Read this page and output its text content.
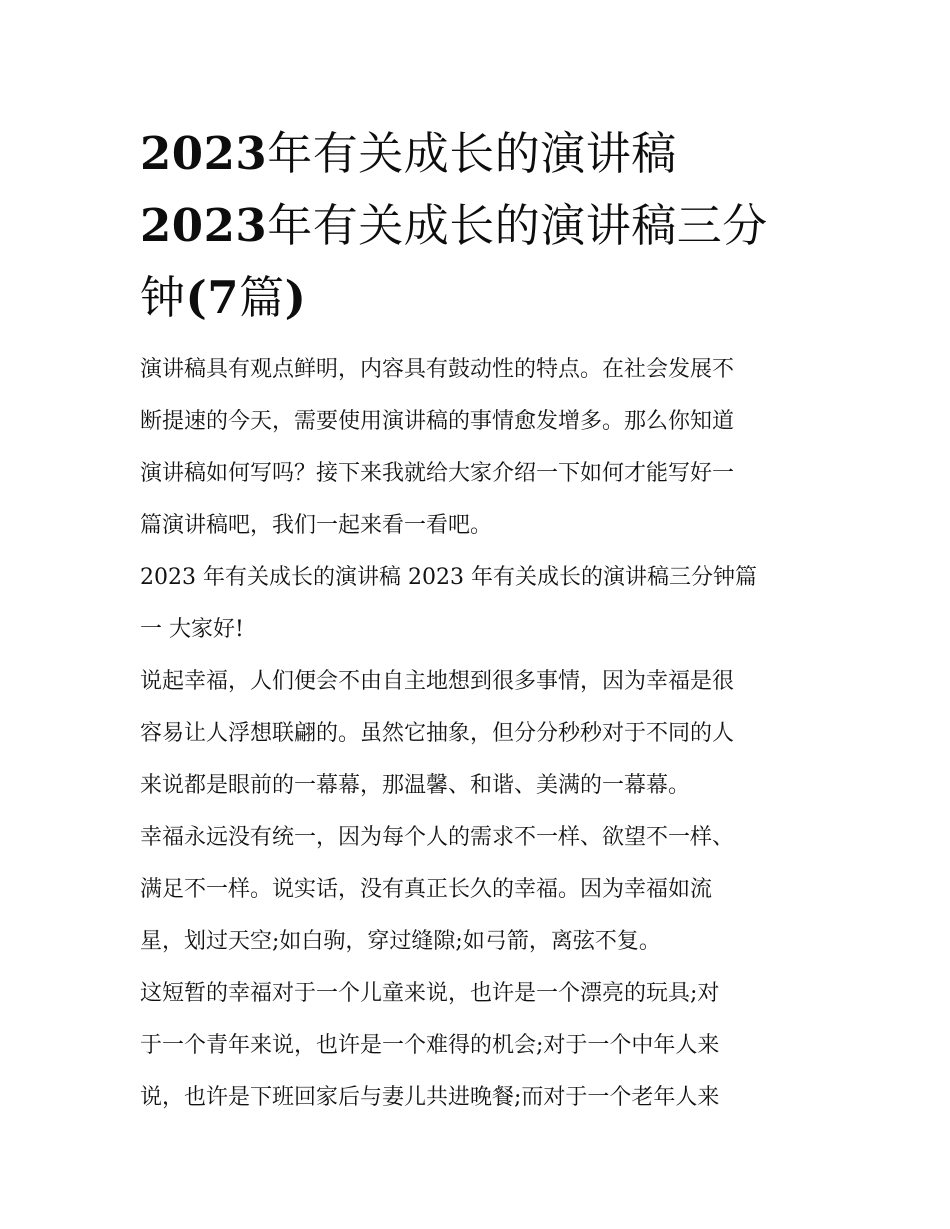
2023年有关成长的演讲稿
2023年有关成长的演讲稿三分
钟(7篇)

演讲稿具有观点鲜明，内容具有鼓动性的特点。在社会发展不
断提速的今天，需要使用演讲稿的事情愈发增多。那么你知道
演讲稿如何写吗？接下来我就给大家介绍一下如何才能写好一
篇演讲稿吧，我们一起来看一看吧。

2023 年有关成长的演讲稿 2023 年有关成长的演讲稿三分钟篇
一 大家好!

说起幸福，人们便会不由自主地想到很多事情，因为幸福是很
容易让人浮想联翩的。虽然它抽象，但分分秒秒对于不同的人
来说都是眼前的一幕幕，那温馨、和谐、美满的一幕幕。

幸福永远没有统一，因为每个人的需求不一样、欲望不一样、
满足不一样。说实话，没有真正长久的幸福。因为幸福如流
星，划过天空;如白驹，穿过缝隙;如弓箭，离弦不复。

这短暂的幸福对于一个儿童来说，也许是一个漂亮的玩具;对
于一个青年来说，也许是一个难得的机会;对于一个中年人来
说，也许是下班回家后与妻儿共进晚餐;而对于一个老年人来
